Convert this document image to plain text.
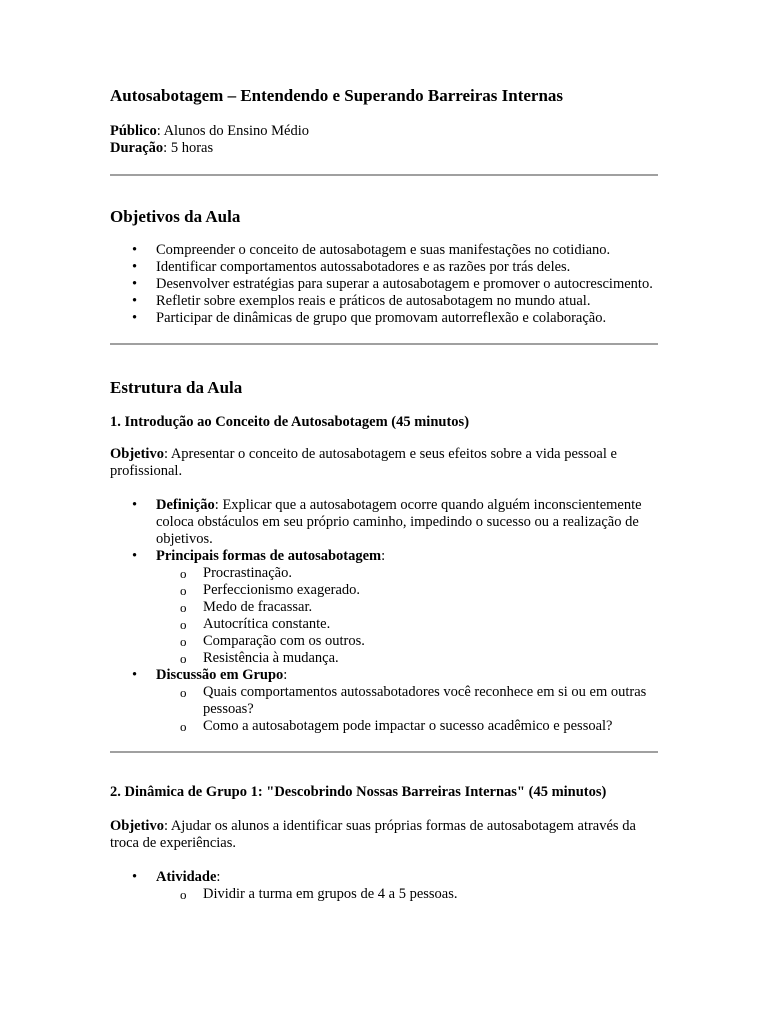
Autosabotagem – Entendendo e Superando Barreiras Internas

Público: Alunos do Ensino Médio

Duração: 5 horas

Objetivos da Aula
• Compreender o conceito de autosabotagem e suas manifestações no cotidiano.
• Identificar comportamentos autossabotadores e as razões por trás deles.
• Desenvolver estratégias para superar a autosabotagem e promover o autocrescimento.
• Refletir sobre exemplos reais e práticos de autosabotagem no mundo atual.
• Participar de dinâmicas de grupo que promovam autorreflexão e colaboração.
Estrutura da Aula
1. Introdução ao Conceito de Autosabotagem (45 minutos)

Objetivo: Apresentar o conceito de autosabotagem e seus efeitos sobre a vida pessoal e profissional.

• Definição: Explicar que a autosabotagem ocorre quando alguém inconscientemente coloca obstáculos em seu próprio caminho, impedindo o sucesso ou a realização de objetivos.
• Principais formas de autosabotagem:
o Procrastinação.
o Perfeccionismo exagerado.
o Medo de fracassar.
o Autocrítica constante.
o Comparação com os outros.
o Resistência à mudança.
• Discussão em Grupo:
o Quais comportamentos autossabotadores você reconhece em si ou em outras pessoas?
o Como a autosabotagem pode impactar o sucesso acadêmico e pessoal?
2. Dinâmica de Grupo 1: "Descobrindo Nossas Barreiras Internas" (45 minutos)

Objetivo: Ajudar os alunos a identificar suas próprias formas de autosabotagem através da troca de experiências.

• Atividade:
o Dividir a turma em grupos de 4 a 5 pessoas.
